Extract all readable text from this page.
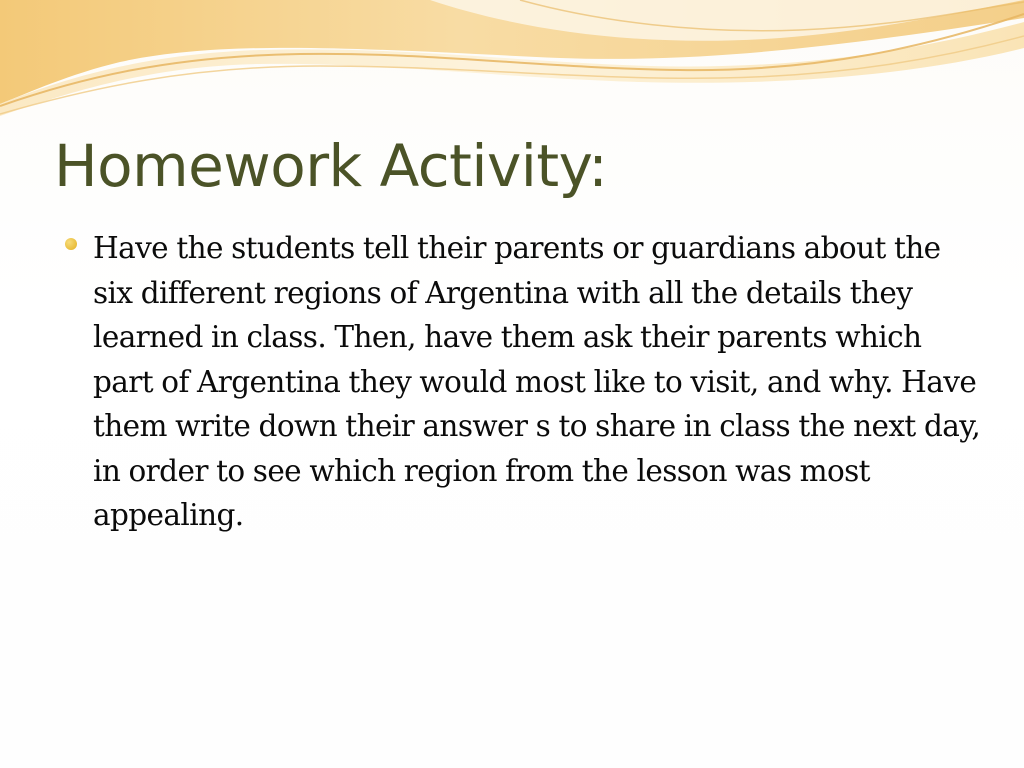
Homework Activity:
Have the students tell their parents or guardians about the six different regions of Argentina with all the details they learned in class. Then, have them ask their parents which part of Argentina they would most like to visit, and why. Have them write down their answer s to share in class the next day, in order to see which region from the lesson was most appealing.
